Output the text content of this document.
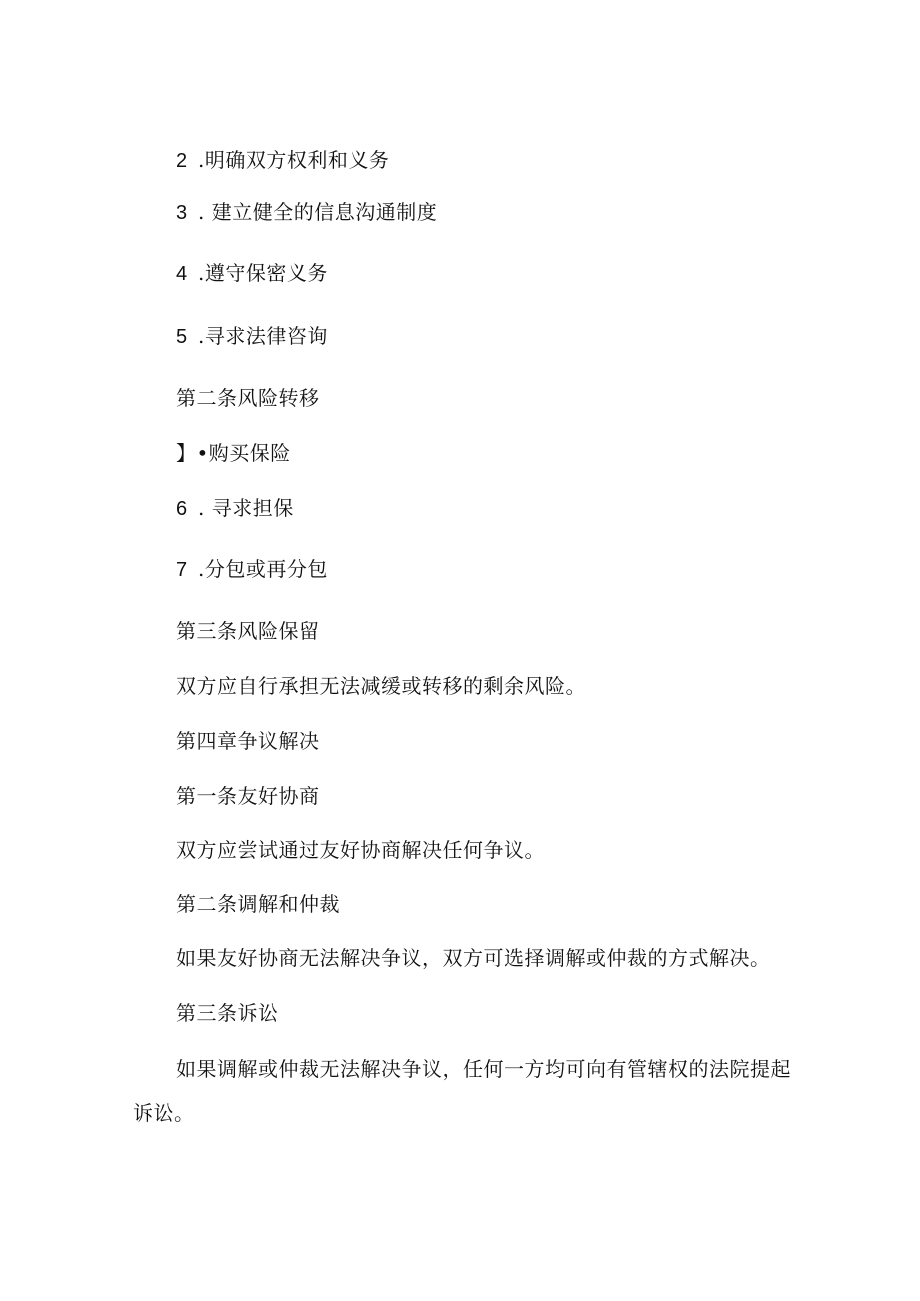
2 .明确双方权利和义务
3 . 建立健全的信息沟通制度
4 .遵守保密义务
5 .寻求法律咨询
第二条风险转移
】•购买保险
6 . 寻求担保
7 .分包或再分包
第三条风险保留
双方应自行承担无法减缓或转移的剩余风险。
第四章争议解决
第一条友好协商
双方应尝试通过友好协商解决任何争议。
第二条调解和仲裁
如果友好协商无法解决争议，双方可选择调解或仲裁的方式解决。
第三条诉讼
如果调解或仲裁无法解决争议，任何一方均可向有管辖权的法院提起
诉讼。
